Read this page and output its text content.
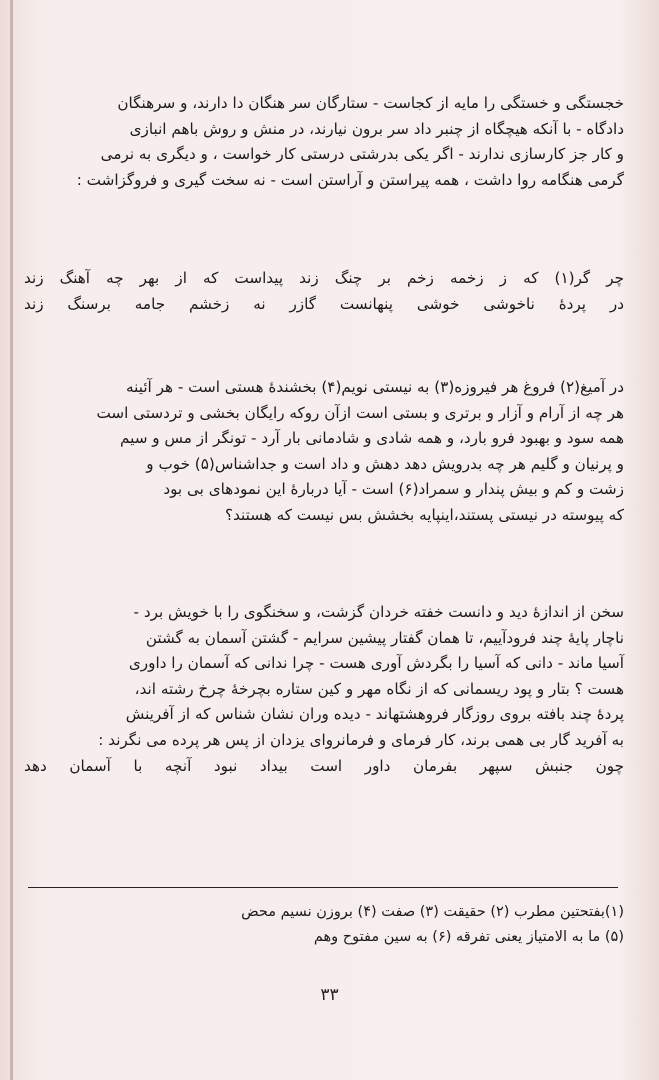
خجستگی و خستگی را مایه از کجاست - ستارگان سر هنگان دا دارند، و سرهنگان

دادگاه - با آنکه هیچگاه از چنبر داد سر برون نیارند، در منش و روش باهم انبازی

و کار جز کارسازی ندارند - اگر یکی بدرشتی درستی کار خواست ، و دیگری به نرمی

گرمی هنگامه روا داشت ، همه پیراستن و آراستن است - نه سخت گیری و فروگزاشت :

چر گر(۱) که ز زخمه زخم بر چنگ زند پیداست که از بهر چه آهنگ زند

در پردهٔ ناخوشی خوشی پنهانست گازر نه زخشم جامه برسنگ زند

در آمیغ(۲) فروغ هر فیروزه(۳) به نیستی نویم(۴) بخشندهٔ هستی است - هر آئینه

هر چه از آرام و آزار و برتری و بستی است ازآن روکه رایگان بخشی و تردستی است

همه سود و بهبود فرو بارد، و همه شادی و شادمانی بار آرد - تونگر از مس و سیم

و پرنیان و گلیم هر چه بدرویش دهد دهش و داد است و جداشناس(۵) خوب و

زشت و کم و بیش پندار و سمراد(۶) است - آیا دربارهٔ این نمودهای بی بود

که پیوسته در نیستی پستند،اینپایه بخشش بس نیست که هستند؟

سخن از اندازهٔ دید و دانست خفته خردان گزشت، و سخنگوی را با خویش برد -

ناچار پایهٔ چند فرودآییم، تا همان گفتار پیشین سرایم - گشتن آسمان به گشتن

آسیا ماند - دانی که آسیا را بگردش آوری هست - چرا ندانی که آسمان را داوری

هست ؟ بتار و پود ریسمانی که از نگاه مهر و کین ستاره بچرخهٔ چرخ رشته اند،

پردهٔ چند بافته بروی روزگار فروهشتهاند - دیده وران نشان شناس که از آفرینش

به آفرید گار بی همی برند، کار فرمای و فرمانروای یزدان از پس هر پرده می نگرند :

چون جنبش سپهر بفرمان داور است بیداد نبود آنچه با آسمان دهد

(۱)بفتحتین مطرب (۲) حقیقت (۳) صفت (۴) بروزن نسیم محض
(۵) ما به الامتیاز یعنی تفرقه (۶) به سین مفتوح وهم
۳۳
